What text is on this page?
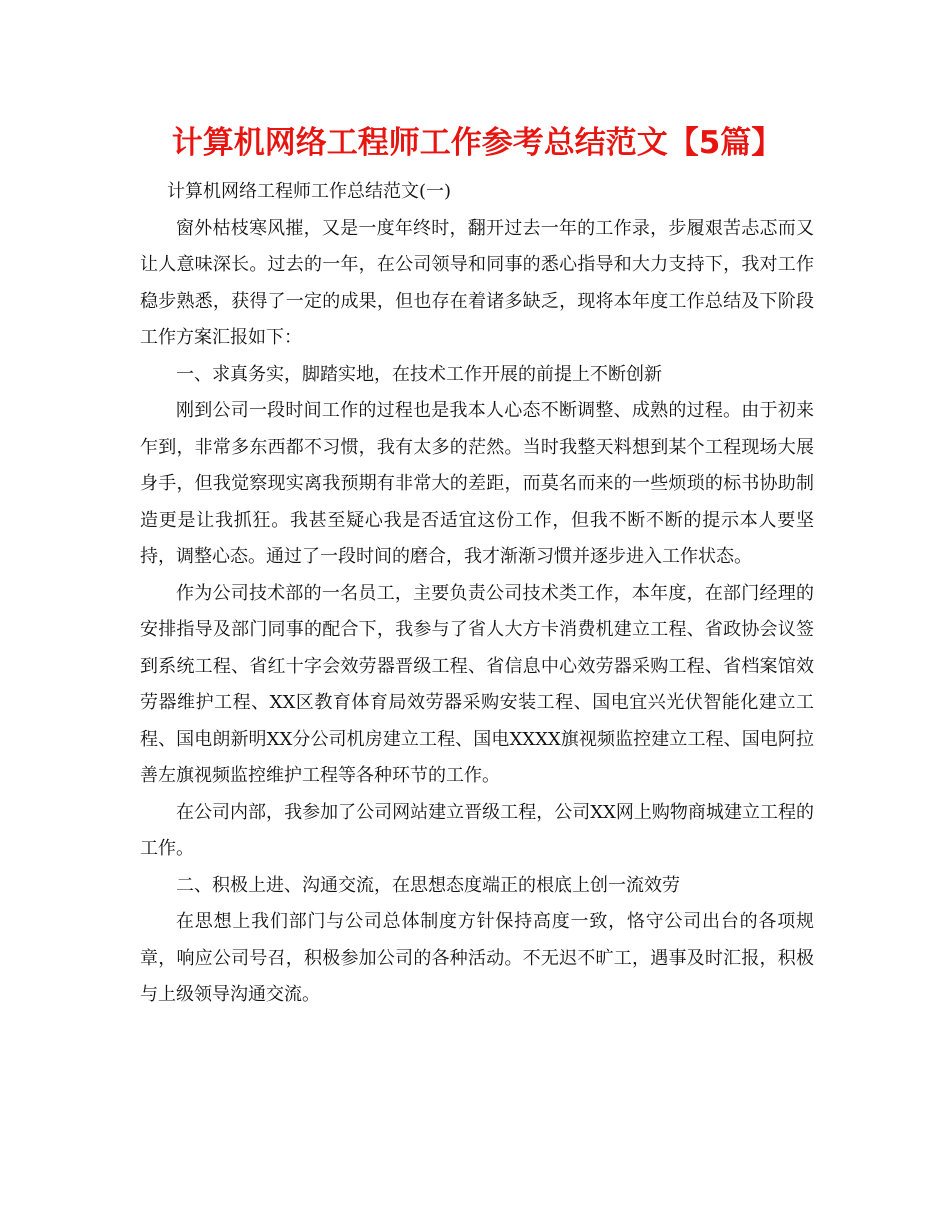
计算机网络工程师工作参考总结范文【5篇】

计算机网络工程师工作总结范文(一)

窗外枯枝寒风摧，又是一度年终时，翻开过去一年的工作录，步履艰苦忐忑而又让人意味深长。过去的一年，在公司领导和同事的悉心指导和大力支持下，我对工作稳步熟悉，获得了一定的成果，但也存在着诸多缺乏，现将本年度工作总结及下阶段工作方案汇报如下：

一、求真务实，脚踏实地，在技术工作开展的前提上不断创新

刚到公司一段时间工作的过程也是我本人心态不断调整、成熟的过程。由于初来乍到，非常多东西都不习惯，我有太多的茫然。当时我整天料想到某个工程现场大展身手，但我觉察现实离我预期有非常大的差距，而莫名而来的一些烦琐的标书协助制造更是让我抓狂。我甚至疑心我是否适宜这份工作，但我不断不断的提示本人要坚持，调整心态。通过了一段时间的磨合，我才渐渐习惯并逐步进入工作状态。

作为公司技术部的一名员工，主要负责公司技术类工作，本年度，在部门经理的安排指导及部门同事的配合下，我参与了省人大方卡消费机建立工程、省政协会议签到系统工程、省红十字会效劳器晋级工程、省信息中心效劳器采购工程、省档案馆效劳器维护工程、XX区教育体育局效劳器采购安装工程、国电宜兴光伏智能化建立工程、国电朗新明XX分公司机房建立工程、国电XXXX旗视频监控建立工程、国电阿拉善左旗视频监控维护工程等各种环节的工作。

在公司内部，我参加了公司网站建立晋级工程，公司XX网上购物商城建立工程的工作。

二、积极上进、沟通交流，在思想态度端正的根底上创一流效劳

在思想上我们部门与公司总体制度方针保持高度一致，恪守公司出台的各项规章，响应公司号召，积极参加公司的各种活动。不无迟不旷工，遇事及时汇报，积极与上级领导沟通交流。
